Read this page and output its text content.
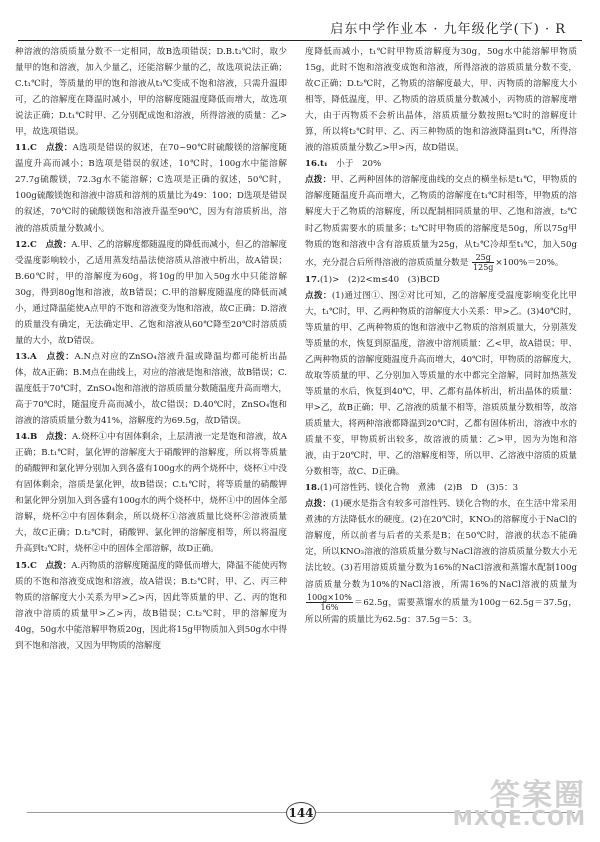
启东中学作业本 · 九年级化学(下) · R

种溶液的溶质质量分数不一定相同，故B选项错误；D.B.t₂℃时，取少量甲的饱和溶液，加入少量乙，还能溶解少量的乙，故选项说法正确；C.t₁℃时，等质量的甲的饱和溶液从t₃℃变成不饱和溶液，只需升温即可，乙的溶解度在降温时减小，甲的溶解度随温度降低而增大，故选项说法正确；D.t₁℃时甲、乙分别配成饱和溶液，所得溶液的质量：乙>甲，故选项错误。

11.C　 点拨：A选项是错误的叙述，在70~90℃时硫酸镁的溶解度随温度升高而减小；B选项是错误的叙述，10℃时，100g水中能溶解27.7g硫酸镁，72.3g水不能溶解；C选项是正确的叙述，50℃时，100g硫酸镁饱和溶液中溶质和溶剂的质量比为49：100；D选项是错误的叙述，70℃时的硫酸镁饱和溶液升温至90℃，因为有溶质析出，溶液的溶质质量分数减小。

12.C　 点拨：A.甲、乙的溶解度都随温度的降低而减小，但乙的溶解度受温度影响较小，乙适用蒸发结晶法使溶质从溶液中析出，故A错误；B.60℃时，甲的溶解度为60g，将10g的甲加入50g水中只能溶解30g，得到80g饱和溶液，故B错误；C.甲的溶解度随温度的降低而减小，通过降温能使A点甲的不饱和溶液变为饱和溶液，故C正确；D.溶液的质量没有确定，无法确定甲、乙饱和溶液从60℃降至20℃时溶质质量的大小，故D错误。

13.A　 点拨：A.N点对应的ZnSO₄溶液升温或降温均都可能析出晶体，故A正确；B.M点在曲线上，对应的溶液是饱和溶液，故B错误；C.温度低于70℃时，ZnSO₄饱和溶液的溶质质量分数随温度升高而增大，高于70℃时，随温度升高而减小，故C错误；D.40℃时，ZnSO₄饱和溶液的溶质质量分数为41%，溶解度约为69.5g，故D错误。

14.B　 点拨：A.烧杯①中有固体剩余，上层清液一定是饱和溶液，故A正确；B.t₁℃时，氯化钾的溶解度大于硝酸钾的溶解度，所以将等质量的硝酸钾和氯化钾分别加入到各盛有100g水的两个烧杯中，烧杯①中没有固体剩余，溶质是氯化钾，故B错误；C.t₁℃时，将等质量的硝酸钾和氯化钾分别加入到各盛有100g水的两个烧杯中，烧杯①中的固体全部溶解，烧杯②中有固体剩余，所以烧杯①溶液质量比烧杯②溶液质量大，故C正确；D.t₂℃时，硝酸钾、氯化钾的溶解度相等，所以将温度升高到t₂℃时，烧杯②中的固体全部溶解，故D正确。

15.C　 点拨：A.丙物质的溶解度随温度的降低而增大，降温不能使丙物质的不饱和溶液变成饱和溶液，故A错误；B.t₂℃时，甲、乙、丙三种物质的溶解度大小关系为甲>乙>丙，因此等质量的甲、乙、丙的饱和溶液中溶质的质量甲>乙>丙，故B错误；C.t₂℃时，甲的溶解度为40g，50g水中能溶解甲物质20g，因此将15g甲物质加入到50g水中得到不饱和溶液，又因为甲物质的溶解度

度降低而减小，t₁℃时甲物质溶解度为30g，50g水中能溶解甲物质15g，此时不饱和溶液变成饱和溶液，所得溶液的溶质质量分数不变，故C正确；D.t₂℃时，乙物质的溶解度最大，甲、丙物质的溶解度大小相等，降低温度，甲、乙物质的溶质质量分数减小，丙物质的溶解度增大，由于丙物质不会析出晶体，溶质质量分数按照t₂℃时的溶解度计算，所以将t₂℃时甲、乙、丙三种物质的饱和溶液降温到t₁℃，所得溶液的溶质质量分数乙>甲>丙，故D错误。

16.t₁　 小于　20%
点拨：甲、乙两种固体的溶解度曲线的交点的横坐标是t₁℃，甲物质的溶解度随温度升高而增大，乙物质的溶解度在t₁℃时相等，甲物质的溶解度大于乙物质的溶解度，所以配制相同质量的甲、乙饱和溶液，t₂℃时乙物质需要水的质量多；t₂℃时甲物质的溶解度是50g，所以75g甲物质的饱和溶液中含有溶质质量为25g，从t₂℃冷却至t₁℃，加入50g水，充分混合后所得溶液的溶质质量分数是 $\frac{25g}{125g} \times 100\%=20\%$。

17.(1)>　(2)2<m≤40　(3)BCD
点拨：(1)通过图①、图②对比可知，乙的溶解度受温度影响变化比甲大，t₁℃时，甲、乙两种物质的溶解度大小关系：甲>乙。(3)40℃时，等质量的甲、乙两种物质的饱和溶液中乙物质的溶剂质量大，分别蒸发等质量的水，恢复到原温度，溶液中溶剂质量：乙<甲，故A错误；甲、乙两种物质的溶解度随温度升高而增大，40℃时，甲物质的溶解度大，故取等质量的甲、乙分别加入等质量的水中都完全溶解，同时加热蒸发等质量的水后，恢复到40℃，甲、乙都有晶体析出，析出晶体的质量：甲>乙，故B正确；甲、乙溶液的质量不相等，溶质质量分数相等，故溶质质量大，将两种溶液都降温到20℃时，乙都有固体析出，溶液中水的质量不变，甲物质析出较多，故溶液的质量：乙>甲，因为为饱和溶液，由于20℃时，甲、乙的溶解度相等，所以甲、乙溶液中溶质的质量分数相等，故C、D正确。

18.(1)可溶性钙、镁化合物　煮沸　(2)B　D　(3)5：3
点拨：(1)硬水是指含有较多可溶性钙、镁化合物的水，在生活中常采用煮沸的方法降低水的硬度。(2)在20℃时，KNO₃的溶解度小于NaCl的溶解度，所以前者与后者的关系是B；在50℃时，溶液的状态不能确定，所以KNO₃溶液的溶质质量分数与NaCl溶液的溶质质量分数大小无法比较。(3)若用溶质质量分数为16%的NaCl溶液和蒸馏水配制100g溶质质量分数为10%的NaCl溶液，所需16%的NaCl溶液的质量为
$\frac{100g\times 10\%}{16\%} =62.5g$，需要蒸馏水的质量为100g－62.5g＝37.5g，所以所需的质量比为62.5g：37.5g＝5：3。

144	答案圈
MXQE.COM
